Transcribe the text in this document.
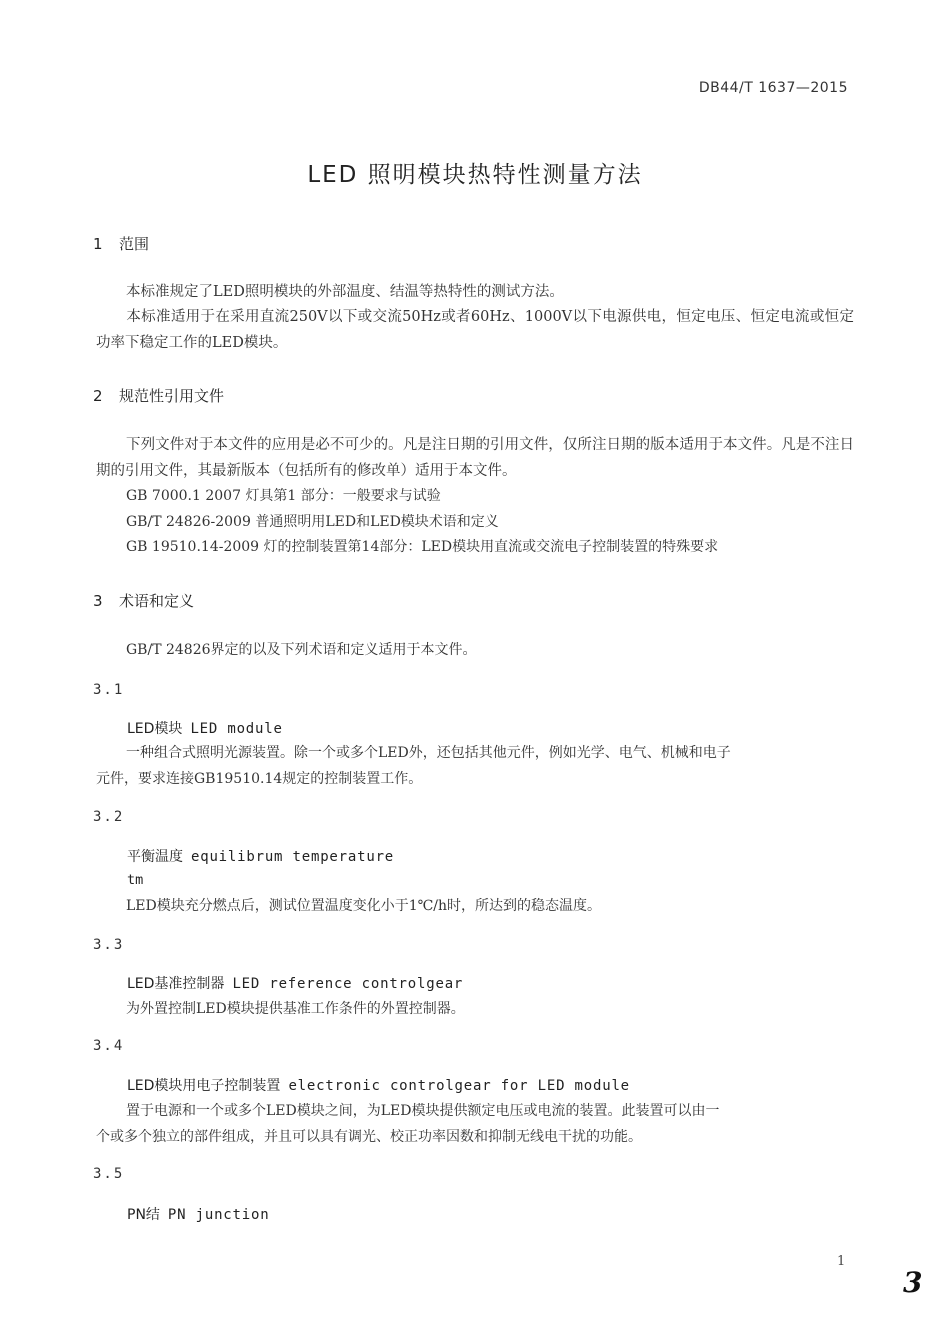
DB44/T 1637—2015
LED 照明模块热特性测量方法
1 范围
本标准规定了LED照明模块的外部温度、结温等热特性的测试方法。
本标准适用于在采用直流250V以下或交流50Hz或者60Hz、1000V以下电源供电，恒定电压、恒定电流或恒定功率下稳定工作的LED模块。
2 规范性引用文件
下列文件对于本文件的应用是必不可少的。凡是注日期的引用文件，仅所注日期的版本适用于本文件。凡是不注日期的引用文件，其最新版本（包括所有的修改单）适用于本文件。
GB 7000.1 2007 灯具第1 部分：一般要求与试验
GB/T 24826-2009 普通照明用LED和LED模块术语和定义
GB 19510.14-2009 灯的控制装置第14部分：LED模块用直流或交流电子控制装置的特殊要求
3 术语和定义
GB/T 24826界定的以及下列术语和定义适用于本文件。
3.1
LED模块 LED module
一种组合式照明光源装置。除一个或多个LED外，还包括其他元件，例如光学、电气、机械和电子
元件，要求连接GB19510.14规定的控制装置工作。
3.2
平衡温度 equilibrum temperature
tm
LED模块充分燃点后，测试位置温度变化小于1℃/h时，所达到的稳态温度。
3.3
LED基准控制器 LED reference controlgear
为外置控制LED模块提供基准工作条件的外置控制器。
3.4
LED模块用电子控制装置 electronic controlgear for LED module
置于电源和一个或多个LED模块之间，为LED模块提供额定电压或电流的装置。此装置可以由一
个或多个独立的部件组成，并且可以具有调光、校正功率因数和抑制无线电干扰的功能。
3.5
PN结 PN junction
1
3
